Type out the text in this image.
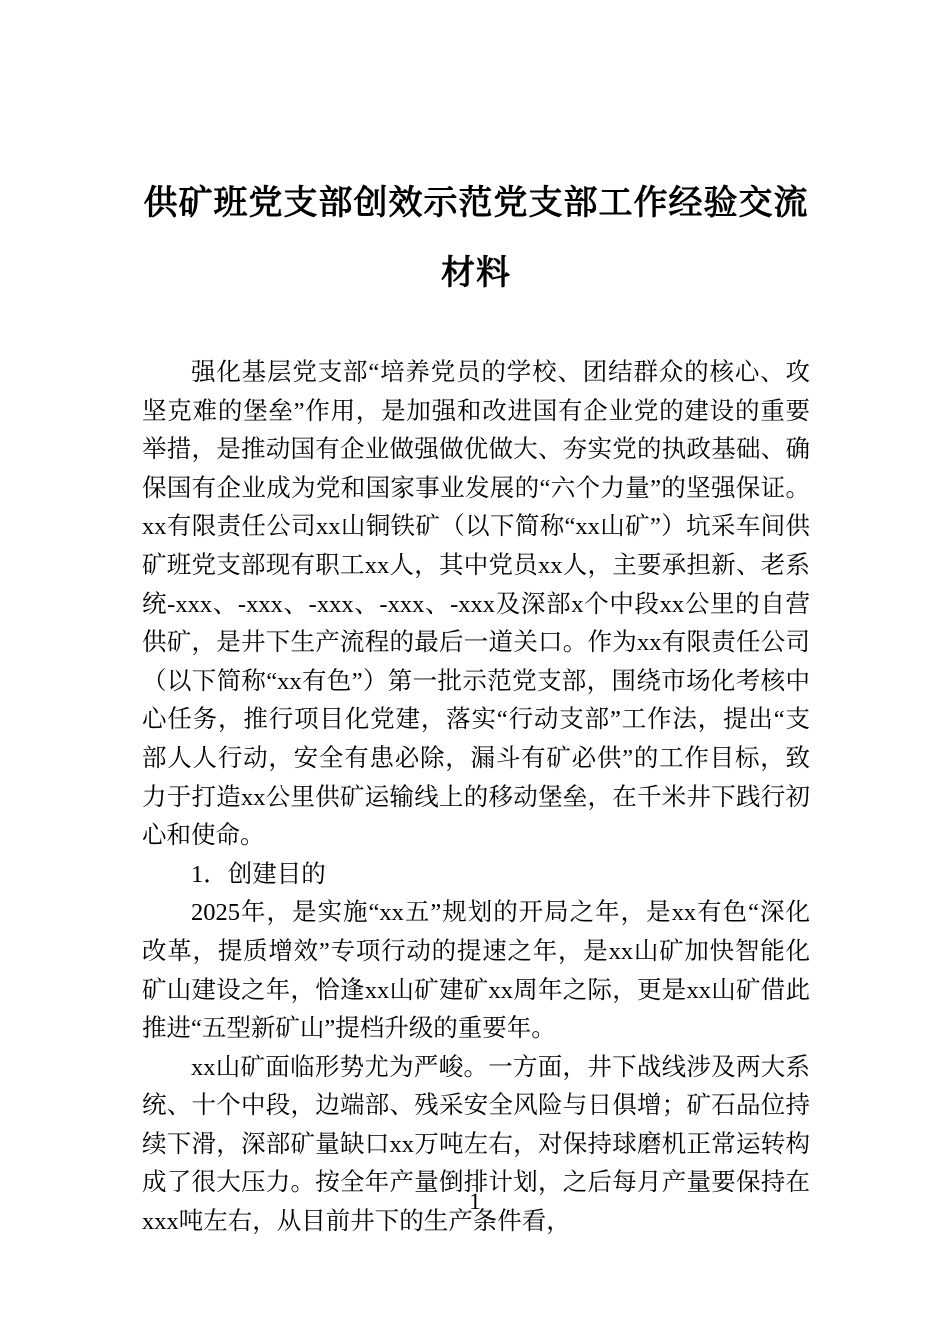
供矿班党支部创效示范党支部工作经验交流材料

强化基层党支部“培养党员的学校、团结群众的核心、攻坚克难的堡垒”作用，是加强和改进国有企业党的建设的重要举措，是推动国有企业做强做优做大、夯实党的执政基础、确保国有企业成为党和国家事业发展的“六个力量”的坚强保证。xx有限责任公司xx山铜铁矿（以下简称“xx山矿”）坑采车间供矿班党支部现有职工xx人，其中党员xx人，主要承担新、老系统-xxx、-xxx、-xxx、-xxx、-xxx及深部x个中段xx公里的自营供矿，是井下生产流程的最后一道关口。作为xx有限责任公司（以下简称“xx有色”）第一批示范党支部，围绕市场化考核中心任务，推行项目化党建，落实“行动支部”工作法，提出“支部人人行动，安全有患必除，漏斗有矿必供”的工作目标，致力于打造xx公里供矿运输线上的移动堡垒，在千米井下践行初心和使命。

1．创建目的

2025年，是实施“xx五”规划的开局之年，是xx有色“深化改革，提质增效”专项行动的提速之年，是xx山矿加快智能化矿山建设之年，恰逢xx山矿建矿xx周年之际，更是xx山矿借此推进“五型新矿山”提档升级的重要年。

xx山矿面临形势尤为严峻。一方面，井下战线涉及两大系统、十个中段，边端部、残采安全风险与日俱增；矿石品位持续下滑，深部矿量缺口xx万吨左右，对保持球磨机正常运转构成了很大压力。按全年产量倒排计划，之后每月产量要保持在xxx吨左右，从目前井下的生产条件看，

1
